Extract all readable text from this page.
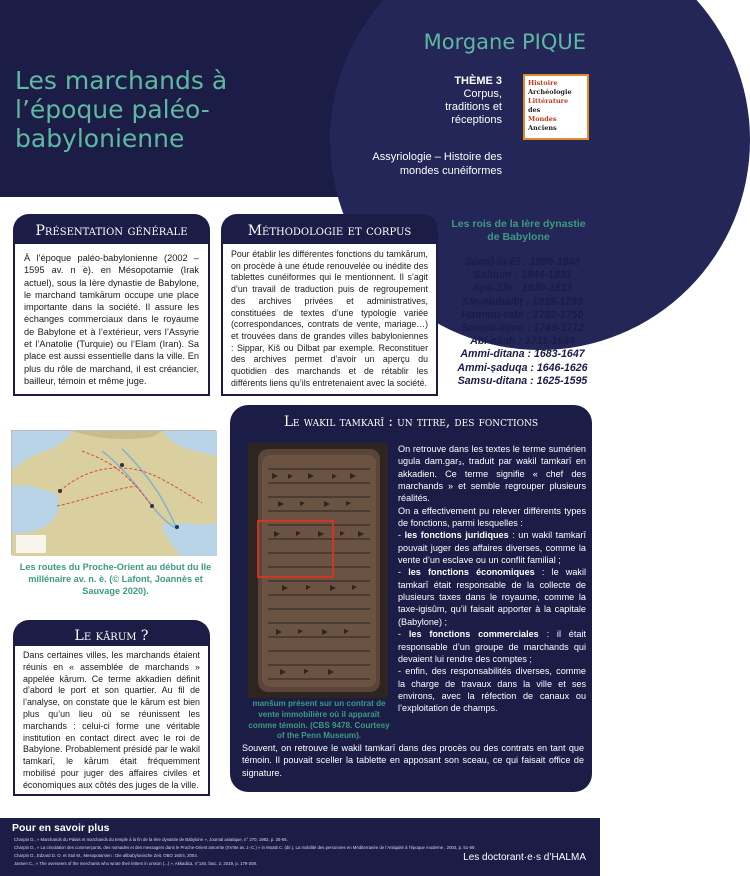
Les marchands à l’époque paléo-babylonienne
Morgane PIQUE
THÈME 3
Corpus,
traditions et
réceptions
Histoire
Archéologie
Littérature
des
Mondes
Anciens
Assyriologie – Histoire des mondes cunéiformes
Présentation générale
À l’époque paléo-babylonienne (2002 – 1595 av. n è). en Mésopotamie (Irak actuel), sous la Ière dynastie de Babylone, le marchand tamkārum occupe une place importante dans la société. Il assure les échanges commerciaux dans le royaume de Babylone et à l’extérieur, vers l’Assyrie et l’Anatolie (Turquie) ou l’Elam (Iran). Sa place est aussi essentielle dans la ville. En plus du rôle de marchand, il est créancier, bailleur, témoin et même juge.
Méthodologie et corpus
Pour établir les différentes fonctions du tamkārum, on procède à une étude renouvelée ou inédite des tablettes cunéiformes qui le mentionnent. Il s’agit d’un travail de traduction puis de regroupement des archives privées et administratives, constituées de textes d’une typologie variée (correspondances, contrats de vente, mariage…) et trouvées dans de grandes villes babyloniennes : Sippar, Kiš ou Dilbat par exemple. Reconstituer des archives permet d’avoir un aperçu du quotidien des marchands et de rétablir les différents liens qu’ils entretenaient avec la société.
Les rois de la Ière dynastie de Babylone
Sûmû-la-El : 1880-1845
Sabium : 1844-1831
Apil-Sîn : 1830-1813
Sîn-muballiṭ : 1815-1793
Hammu-rabi : 1792-1750
Samsu-iluna : 1749-1712
Abi-ešuḫ : 1711-1684
Ammi-ditana : 1683-1647
Ammi-ṣaduqa : 1646-1626
Samsu-ditana : 1625-1595
Les routes du Proche-Orient au début du IIe millénaire av. n. è. (© Lafont, Joannès et Sauvage 2020).
Le kārum ?
Dans certaines villes, les marchands étaient réunis en « assemblée de marchands » appelée kārum. Ce terme akkadien définit d’abord le port et son quartier. Au fil de l’analyse, on constate que le kārum est bien plus qu’un lieu où se réunissent les marchands : celui-ci forme une véritable institution en contact direct avec le roi de Babylone. Probablement présidé par le wakil tamkarī, le kārum était fréquemment mobilisé pour juger des affaires civiles et économiques aux côtés des juges de la ville.
Le wakil tamkarī : un titre, des fonctions
manšum présent sur un contrat de vente immobilière où il apparaît comme témoin. (CBS 9478. Courtesy of the Penn Museum).

On retrouve dans les textes le terme sumérien ugula dam.gar₃, traduit par wakil tamkarī en akkadien. Ce terme signifie « chef des marchands » et semble regrouper plusieurs réalités.

On a effectivement pu relever différents types de fonctions, parmi lesquelles :

- les fonctions juridiques : un wakil tamkarī pouvait juger des affaires diverses, comme la vente d’un esclave ou un conflit familial ;

- les fonctions économiques : le wakil tamkarī était responsable de la collecte de plusieurs taxes dans le royaume, comme la taxe-igisûm, qu’il faisait apporter à la capitale (Babylone) ;

- les fonctions commerciales : il était responsable d’un groupe de marchands qui devaient lui rendre des comptes ;

- enfin, des responsabilités diverses, comme la charge de travaux dans la ville et ses environs, avec la réfection de canaux ou l’exploitation de champs.

Souvent, on retrouve le wakil tamkarī dans des procès ou des contrats en tant que témoin. Il pouvait sceller la tablette en apposant son sceau, ce qui faisait office de signature.
Pour en savoir plus
Charpin D., « Marchands du Palais et marchands du temple à la fin de la Ière dynastie de Babylone », Journal asiatique, n° 270, 1982, p. 25-65.
Charpin D., « La circulation des commerçants, des nomades et des messagers dans le Proche-Orient amorrite (XVIIIe av. J.-C.) » in Moatti C. (dir.), La mobilité des personnes en Méditerranée de l’Antiquité à l’époque moderne , 2004, p. 51-69.
Charpin D., Edzard D. O. et Stol M., Mesopotamien : Die altbabylonische Zeit, OBO 160/4, 2004.
Jansen C., « The overseers of the merchants who wrote their letters in unison (...) », Akkadica, n°140, fasc. 2, 2019, p. 179-208.
Les doctorant·e·s d’HALMA
